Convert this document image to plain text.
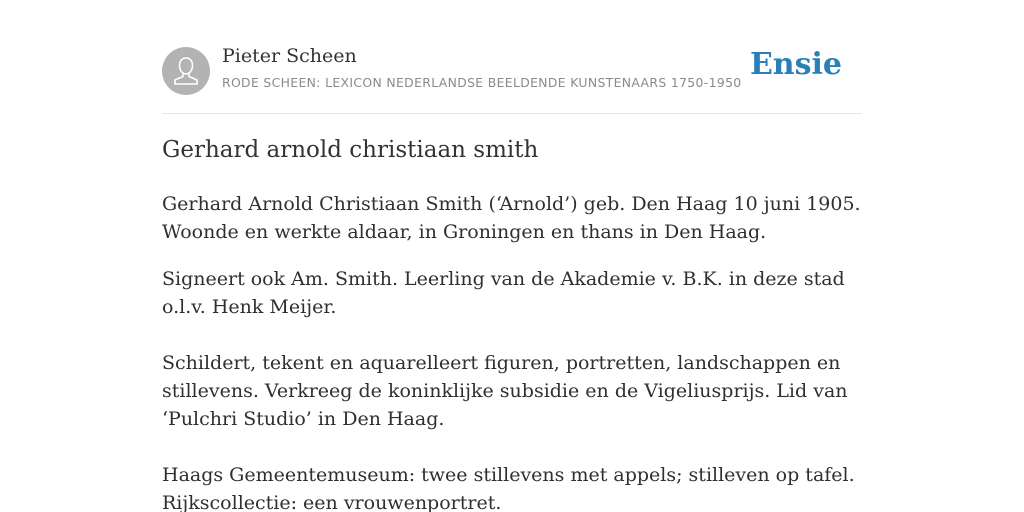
Pieter Scheen
RODE SCHEEN: LEXICON NEDERLANDSE BEELDENDE KUNSTENAARS 1750-1950
Ensie
Gerhard arnold christiaan smith

Gerhard Arnold Christiaan Smith (‘Arnold’) geb. Den Haag 10 juni 1905. Woonde en werkte aldaar, in Groningen en thans in Den Haag.

Signeert ook Am. Smith. Leerling van de Akademie v. B.K. in deze stad o.l.v. Henk Meijer.

Schildert, tekent en aquarelleert figuren, portretten, landschappen en stillevens. Verkreeg de koninklijke subsidie en de Vigeliusprijs. Lid van ‘Pulchri Studio’ in Den Haag.

Haags Gemeentemuseum: twee stillevens met appels; stilleven op tafel.

Rijkscollectie: een vrouwenportret.
